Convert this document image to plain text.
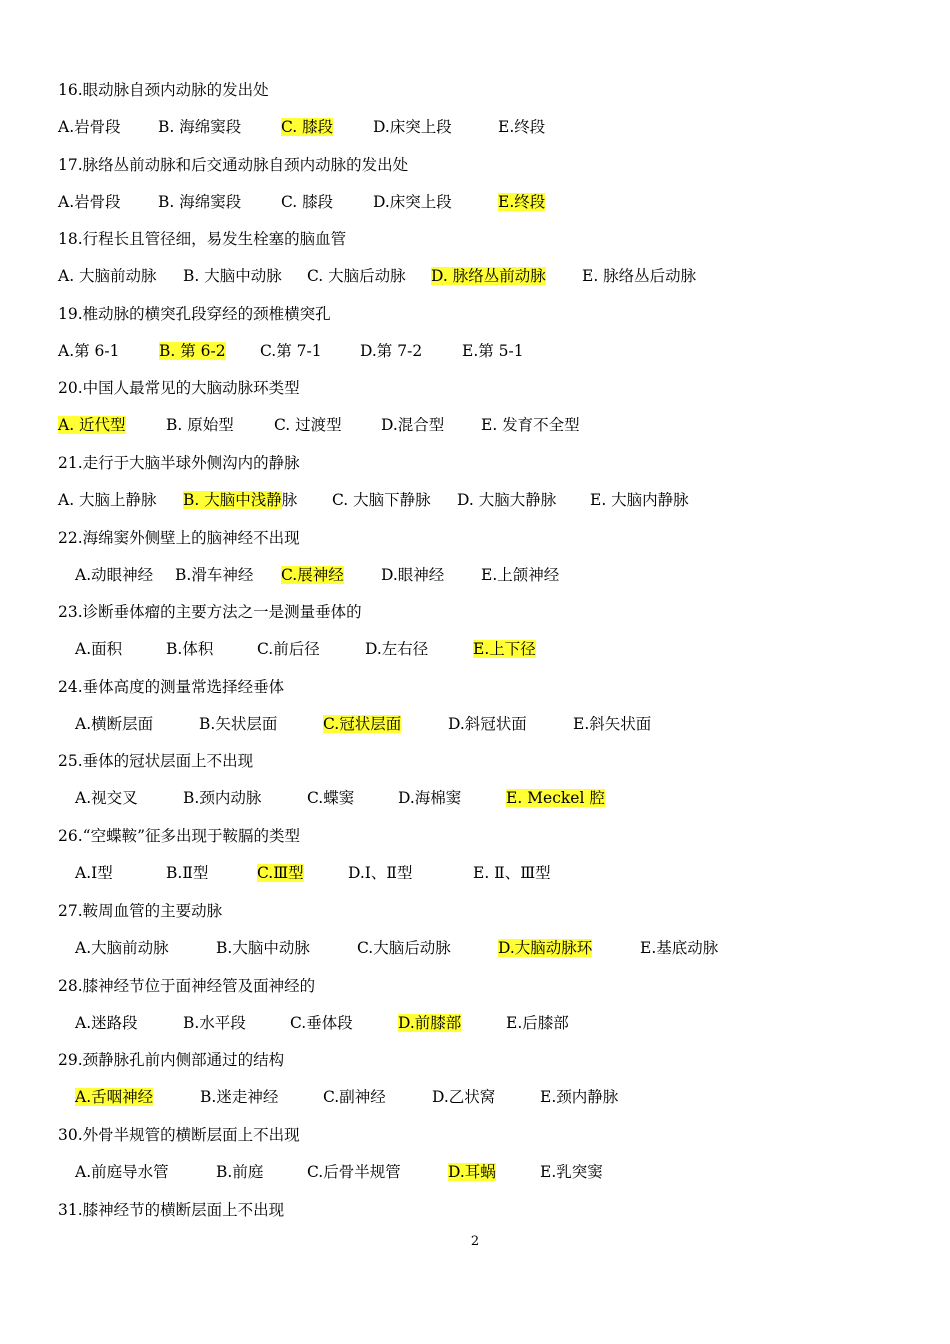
16.眼动脉自颈内动脉的发出处
A.岩骨段 B. 海绵窦段	C. 膝段	D.床突上段	E.终段
17.脉络丛前动脉和后交通动脉自颈内动脉的发出处
A.岩骨段 B. 海绵窦段	C. 膝段	D.床突上段	E.终段
18.行程长且管径细，易发生栓塞的脑血管
A. 大脑前动脉 B. 大脑中动脉 C. 大脑后动脉 D. 脉络丛前动脉 E. 脉络丛后动脉
19.椎动脉的横突孔段穿经的颈椎横突孔
A.第 6-1	B. 第 6-2 C.第 7-1 D.第 7-2	E.第 5-1
20.中国人最常见的大脑动脉环类型
A. 近代型	B. 原始型	C. 过渡型	D.混合型 E. 发育不全型
21.走行于大脑半球外侧沟内的静脉
A. 大脑上静脉 B. 大脑中浅静脉 C. 大脑下静脉 D. 大脑大静脉 E. 大脑内静脉
22.海绵窦外侧壁上的脑神经不出现
A.动眼神经 B.滑车神经 C.展神经 D.眼神经 E.上颌神经
23.诊断垂体瘤的主要方法之一是测量垂体的
A.面积	B.体积	C.前后径	D.左右径	E.上下径
24.垂体高度的测量常选择经垂体
A.横断层面	B.矢状层面	C.冠状层面	D.斜冠状面	E.斜矢状面
25.垂体的冠状层面上不出现
A.视交叉	B.颈内动脉	C.蝶窦	D.海棉窦	E. Meckel 腔
26.“空蝶鞍”征多出现于鞍膈的类型
A.Ⅰ型	B.Ⅱ型	C.Ⅲ型	D.Ⅰ、Ⅱ型	E. Ⅱ、Ⅲ型
27.鞍周血管的主要动脉
A.大脑前动脉	B.大脑中动脉	C.大脑后动脉	D.大脑动脉环	E.基底动脉
28.膝神经节位于面神经管及面神经的
A.迷路段	B.水平段	C.垂体段	D.前膝部	E.后膝部
29.颈静脉孔前内侧部通过的结构
A.舌咽神经	B.迷走神经	C.副神经	D.乙状窝	E.颈内静脉
30.外骨半规管的横断层面上不出现
A.前庭导水管	B.前庭	C.后骨半规管	D.耳蜗	E.乳突窦
31.膝神经节的横断层面上不出现
2
